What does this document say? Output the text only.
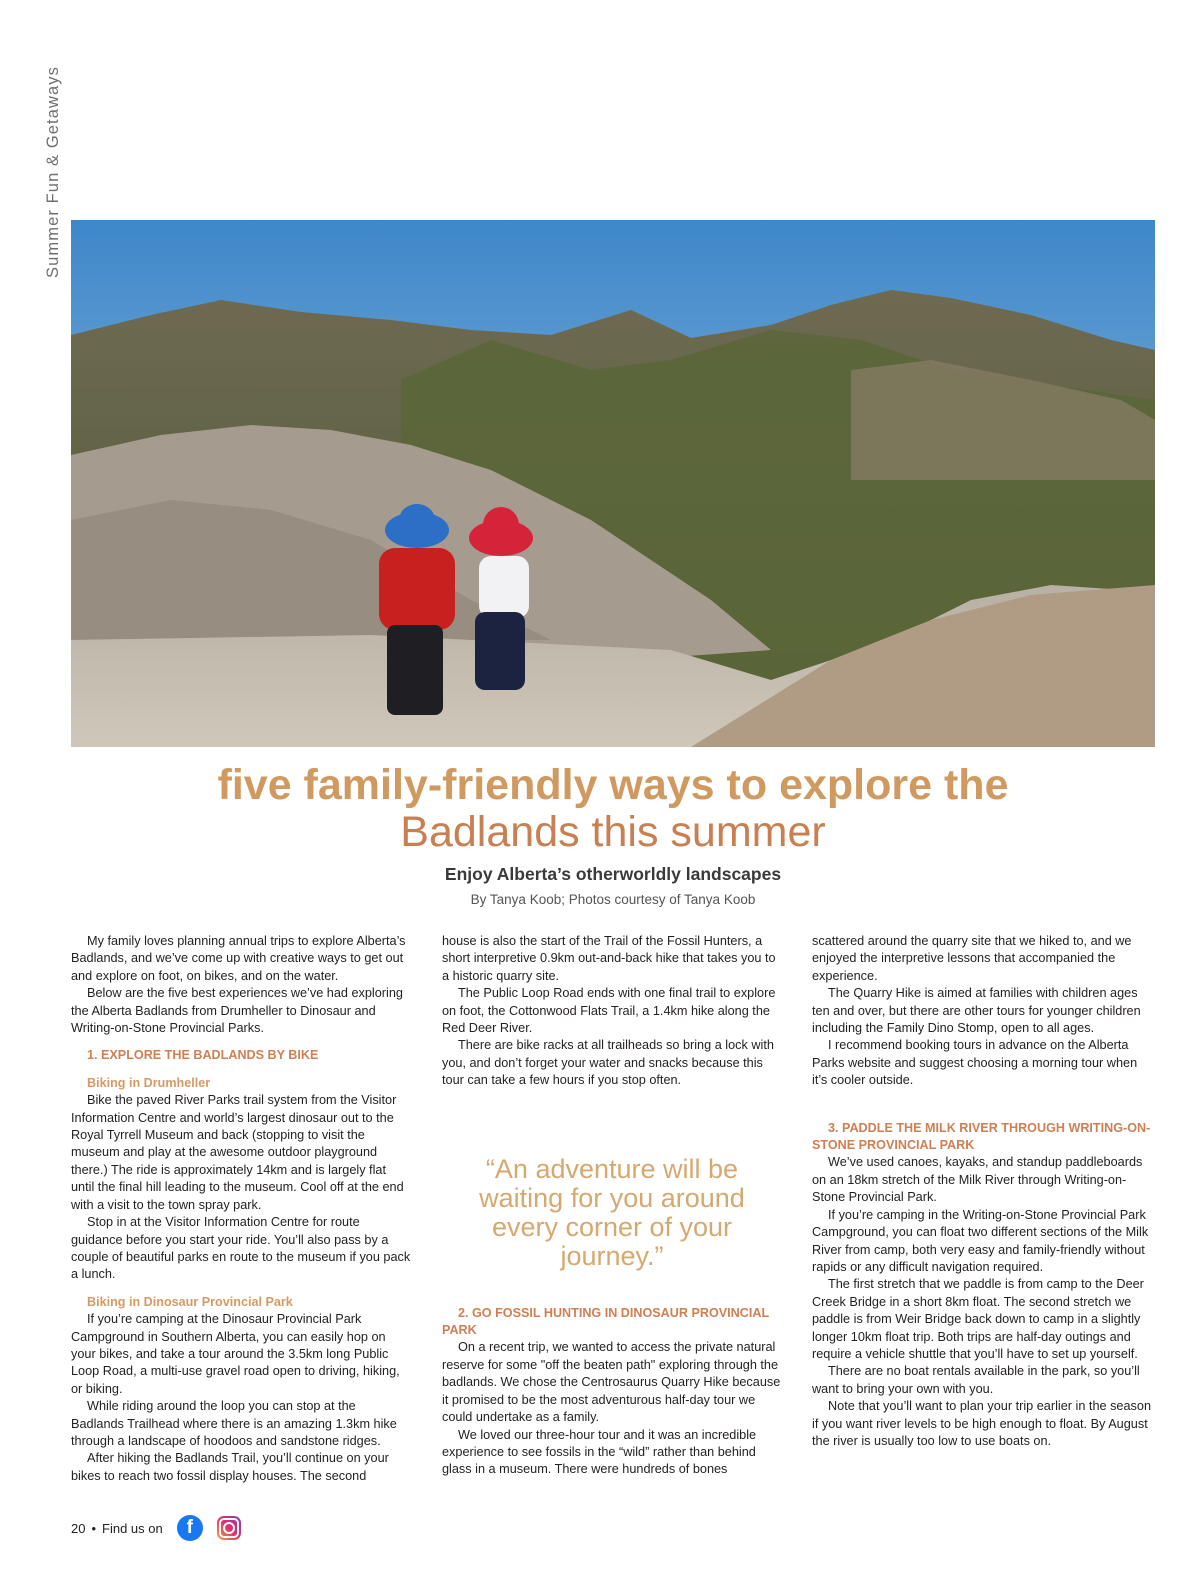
Summer Fun & Getaways
five family-friendly ways to explore the
Badlands this summer
Enjoy Alberta’s otherworldly landscapes
By Tanya Koob; Photos courtesy of Tanya Koob

My family loves planning annual trips to explore Alberta’s Badlands, and we’ve come up with creative ways to get out and explore on foot, on bikes, and on the water.

Below are the five best experiences we’ve had exploring the Alberta Badlands from Drumheller to Dinosaur and Writing-on-Stone Provincial Parks.

1. EXPLORE THE BADLANDS BY BIKE

Biking in Drumheller

Bike the paved River Parks trail system from the Visitor Information Centre and world’s largest dinosaur out to the Royal Tyrrell Museum and back (stopping to visit the museum and play at the awesome outdoor playground there.) The ride is approximately 14km and is largely flat until the final hill leading to the museum. Cool off at the end with a visit to the town spray park.

Stop in at the Visitor Information Centre for route guidance before you start your ride. You’ll also pass by a couple of beautiful parks en route to the museum if you pack a lunch.

Biking in Dinosaur Provincial Park

If you’re camping at the Dinosaur Provincial Park Campground in Southern Alberta, you can easily hop on your bikes, and take a tour around the 3.5km long Public Loop Road, a multi-use gravel road open to driving, hiking, or biking.

While riding around the loop you can stop at the Badlands Trailhead where there is an amazing 1.3km hike through a landscape of hoodoos and sandstone ridges.

After hiking the Badlands Trail, you’ll continue on your bikes to reach two fossil display houses. The second

house is also the start of the Trail of the Fossil Hunters, a short interpretive 0.9km out-and-back hike that takes you to a historic quarry site.

The Public Loop Road ends with one final trail to explore on foot, the Cottonwood Flats Trail, a 1.4km hike along the Red Deer River.

There are bike racks at all trailheads so bring a lock with you, and don’t forget your water and snacks because this tour can take a few hours if you stop often.

2. GO FOSSIL HUNTING IN DINOSAUR PROVINCIAL PARK

On a recent trip, we wanted to access the private natural reserve for some "off the beaten path" exploring through the badlands. We chose the Centrosaurus Quarry Hike because it promised to be the most adventurous half-day tour we could undertake as a family.

We loved our three-hour tour and it was an incredible experience to see fossils in the “wild” rather than behind glass in a museum. There were hundreds of bones

“An adventure will be waiting for you around every corner of your journey.”

scattered around the quarry site that we hiked to, and we enjoyed the interpretive lessons that accompanied the experience.

The Quarry Hike is aimed at families with children ages ten and over, but there are other tours for younger children including the Family Dino Stomp, open to all ages.

I recommend booking tours in advance on the Alberta Parks website and suggest choosing a morning tour when it’s cooler outside.

3. PADDLE THE MILK RIVER THROUGH WRITING-ON-STONE PROVINCIAL PARK

We’ve used canoes, kayaks, and standup paddleboards on an 18km stretch of the Milk River through Writing-on-Stone Provincial Park.

If you’re camping in the Writing-on-Stone Provincial Park Campground, you can float two different sections of the Milk River from camp, both very easy and family-friendly without rapids or any difficult navigation required.

The first stretch that we paddle is from camp to the Deer Creek Bridge in a short 8km float. The second stretch we paddle is from Weir Bridge back down to camp in a slightly longer 10km float trip. Both trips are half-day outings and require a vehicle shuttle that you’ll have to set up yourself.

There are no boat rentals available in the park, so you’ll want to bring your own with you.

Note that you’ll want to plan your trip earlier in the season if you want river levels to be high enough to float. By August the river is usually too low to use boats on.

20 • Find us on f
